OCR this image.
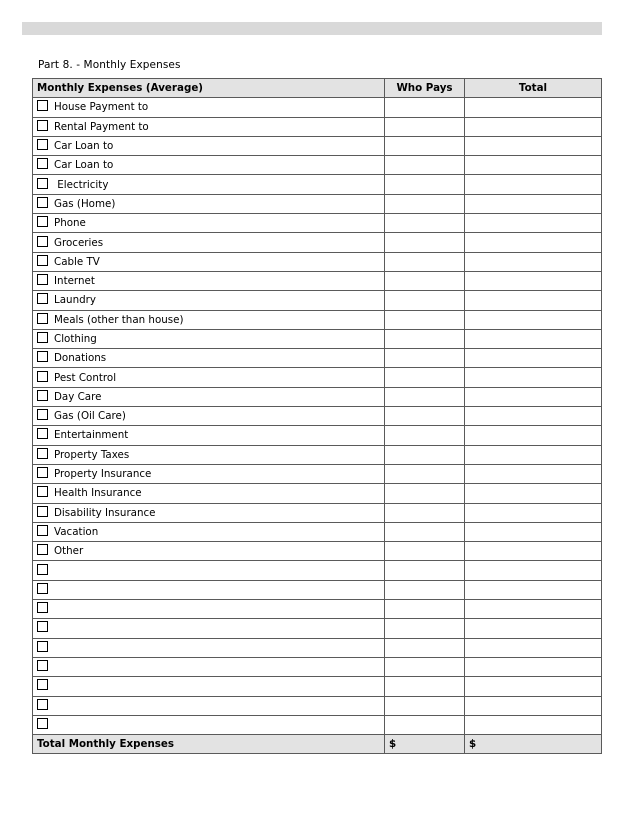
Part 8. - Monthly Expenses
Monthly Expenses (Average)	Who Pays	Total
House Payment to		
Rental Payment to		
Car Loan to		
Car Loan to		
Electricity		
Gas (Home)		
Phone		
Groceries		
Cable TV		
Internet		
Laundry		
Meals (other than house)		
Clothing		
Donations		
Pest Control		
Day Care		
Gas (Oil Care)		
Entertainment		
Property Taxes		
Property Insurance		
Health Insurance		
Disability Insurance		
Vacation		
Other		

Total Monthly Expenses	$	$
